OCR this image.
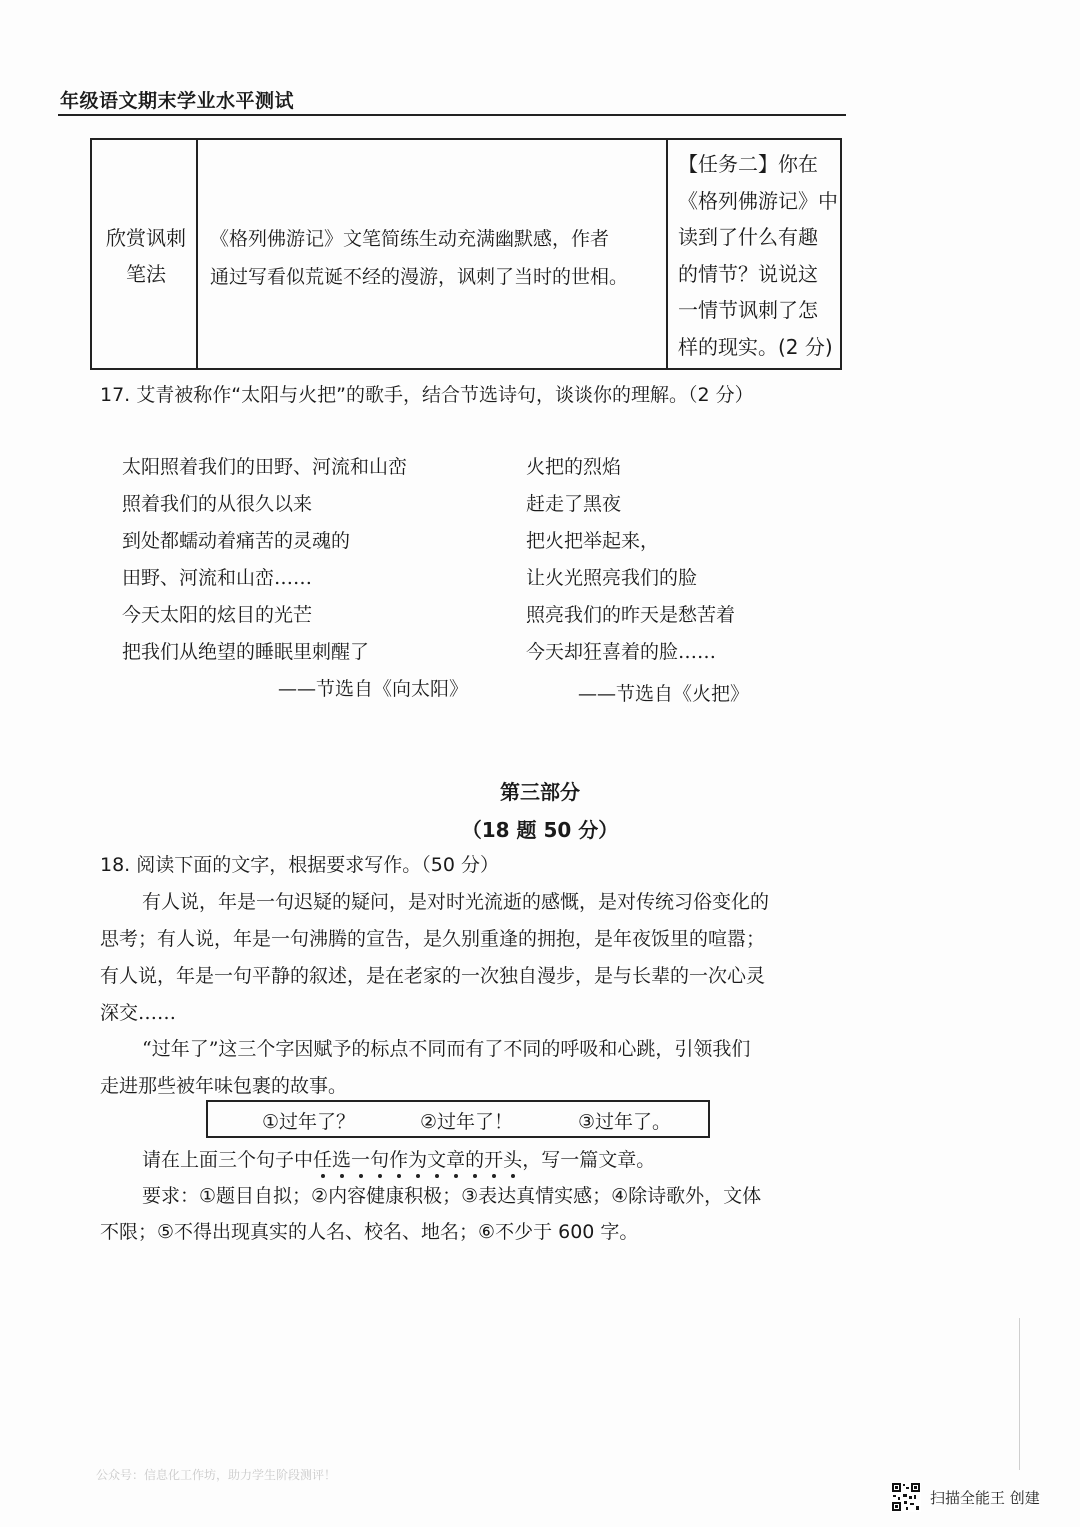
年级语文期末学业水平测试
欣赏讽刺
笔法
《格列佛游记》文笔简练生动充满幽默感，作者
通过写看似荒诞不经的漫游，讽刺了当时的世相。
【任务二】你在
《格列佛游记》中
读到了什么有趣
的情节？说说这
一情节讽刺了怎
样的现实。(2 分)
17. 艾青被称作“太阳与火把”的歌手，结合节选诗句，谈谈你的理解。（2 分）
太阳照着我们的田野、河流和山峦
照着我们的从很久以来
到处都蠕动着痛苦的灵魂的
田野、河流和山峦……
今天太阳的炫目的光芒
把我们从绝望的睡眠里刺醒了
——节选自《向太阳》
火把的烈焰
赶走了黑夜
把火把举起来，
让火光照亮我们的脸
照亮我们的昨天是愁苦着
今天却狂喜着的脸……
——节选自《火把》
第三部分
（18 题 50 分）
18. 阅读下面的文字，根据要求写作。（50 分）
有人说，年是一句迟疑的疑问，是对时光流逝的感慨，是对传统习俗变化的
思考；有人说，年是一句沸腾的宣告，是久别重逢的拥抱，是年夜饭里的喧嚣；
有人说，年是一句平静的叙述，是在老家的一次独自漫步，是与长辈的一次心灵
深交……
“过年了”这三个字因赋予的标点不同而有了不同的呼吸和心跳，引领我们
走进那些被年味包裹的故事。
①过年了？	②过年了！	③过年了。
请在上面三个句子中任选一句作为文章的开头，写一篇文章。
要求：①题目自拟；②内容健康积极；③表达真情实感；④除诗歌外，文体
不限；⑤不得出现真实的人名、校名、地名；⑥不少于 600 字。
公众号：信息化工作坊，助力学生阶段测评！
扫描全能王 创建
